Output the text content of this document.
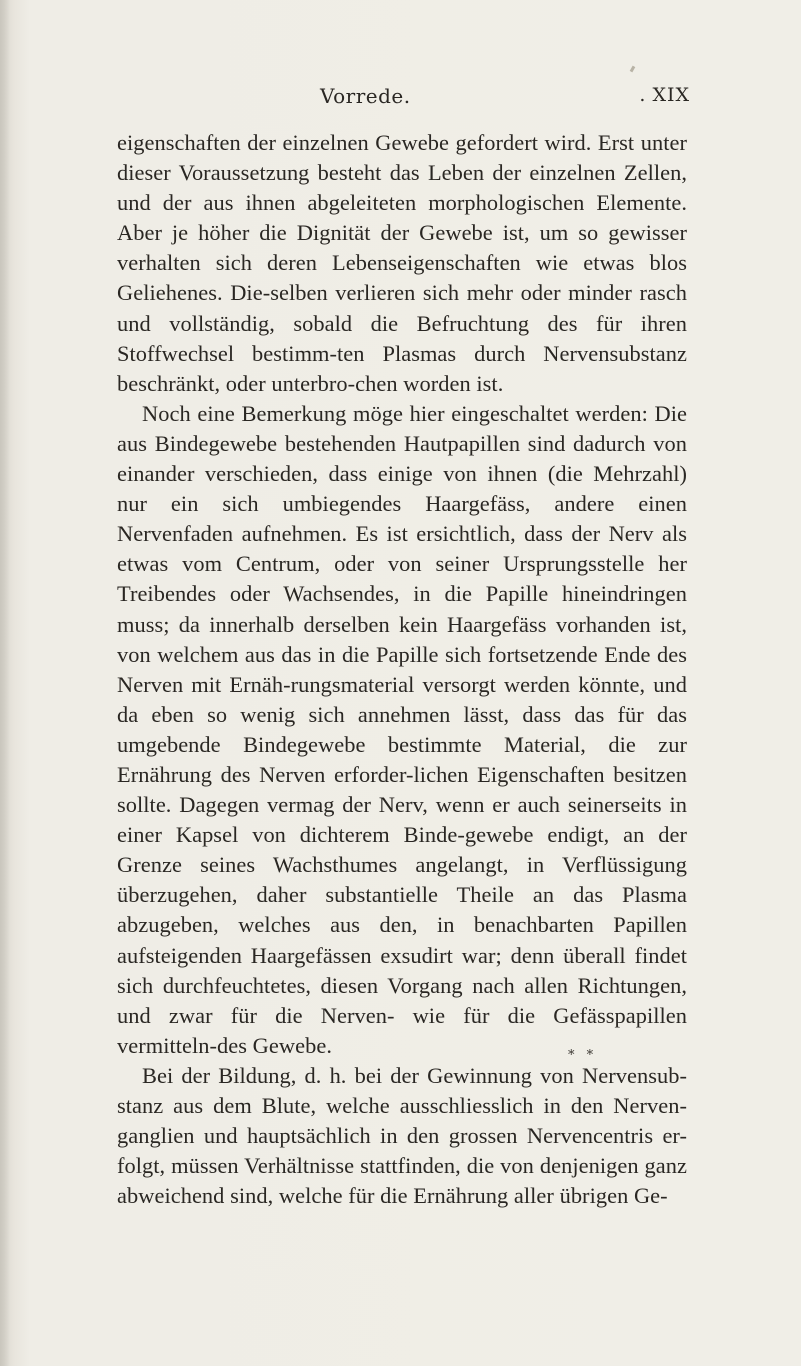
Vorrede.	. XIX

eigenschaften der einzelnen Gewebe gefordert wird. Erst unter dieser Voraussetzung besteht das Leben der einzelnen Zellen, und der aus ihnen abgeleiteten morphologischen Elemente. Aber je höher die Dignität der Gewebe ist, um so gewisser verhalten sich deren Lebenseigenschaften wie etwas blos Geliehenes. Die-selben verlieren sich mehr oder minder rasch und vollständig, sobald die Befruchtung des für ihren Stoffwechsel bestimm-ten Plasmas durch Nervensubstanz beschränkt, oder unterbro-chen worden ist.

Noch eine Bemerkung möge hier eingeschaltet werden: Die aus Bindegewebe bestehenden Hautpapillen sind dadurch von einander verschieden, dass einige von ihnen (die Mehrzahl) nur ein sich umbiegendes Haargefäss, andere einen Nervenfaden aufnehmen. Es ist ersichtlich, dass der Nerv als etwas vom Centrum, oder von seiner Ursprungsstelle her Treibendes oder Wachsendes, in die Papille hineindringen muss; da innerhalb derselben kein Haargefäss vorhanden ist, von welchem aus das in die Papille sich fortsetzende Ende des Nerven mit Ernäh-rungsmaterial versorgt werden könnte, und da eben so wenig sich annehmen lässt, dass das für das umgebende Bindegewebe bestimmte Material, die zur Ernährung des Nerven erforder-lichen Eigenschaften besitzen sollte. Dagegen vermag der Nerv, wenn er auch seinerseits in einer Kapsel von dichterem Binde-gewebe endigt, an der Grenze seines Wachsthumes angelangt, in Verflüssigung überzugehen, daher substantielle Theile an das Plasma abzugeben, welches aus den, in benachbarten Papillen aufsteigenden Haargefässen exsudirt war; denn überall findet sich durchfeuchtetes, diesen Vorgang nach allen Richtungen, und zwar für die Nerven- wie für die Gefässpapillen vermitteln-des Gewebe.

Bei der Bildung, d. h. bei der Gewinnung von Nervensub-stanz aus dem Blute, welche ausschliesslich in den Nerven-ganglien und hauptsächlich in den grossen Nervencentris er-folgt, müssen Verhältnisse stattfinden, die von denjenigen ganz abweichend sind, welche für die Ernährung aller übrigen Ge-

* *
